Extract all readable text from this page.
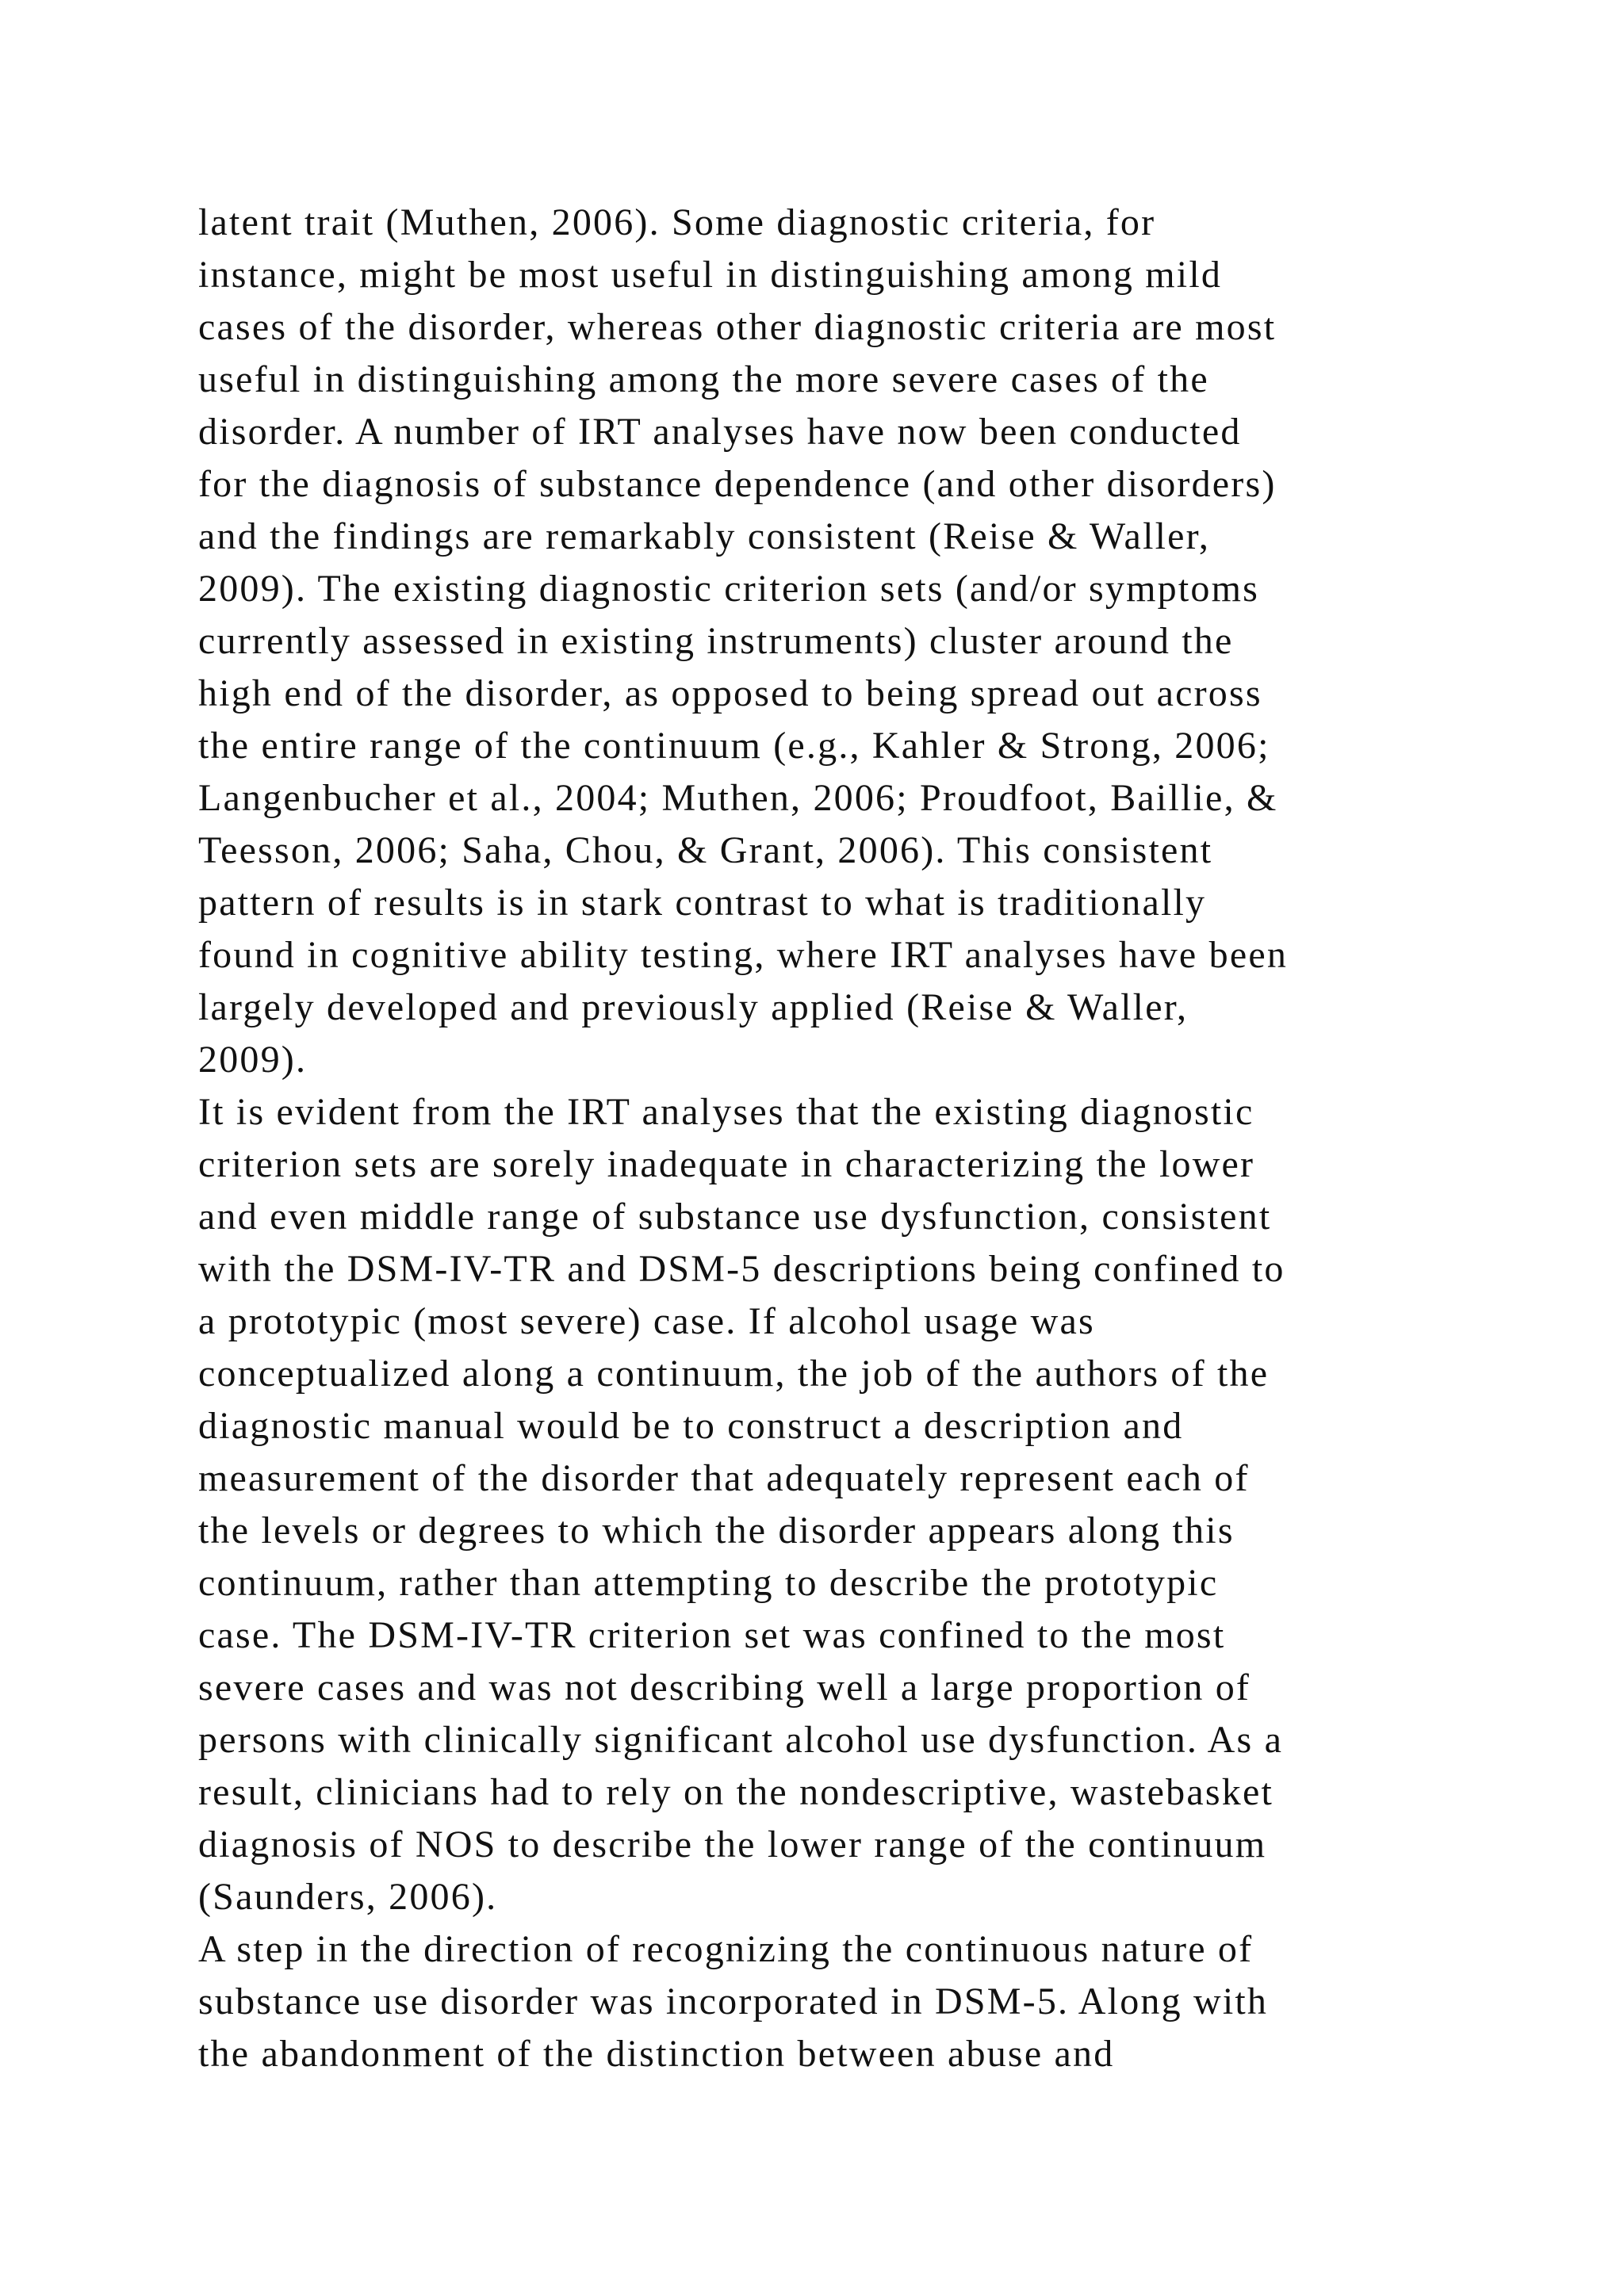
latent trait (Muthen, 2006). Some diagnostic criteria, for
instance, might be most useful in distinguishing among mild
cases of the disorder, whereas other diagnostic criteria are most
useful in distinguishing among the more severe cases of the
disorder. A number of IRT analyses have now been conducted
for the diagnosis of substance dependence (and other disorders)
and the findings are remarkably consistent (Reise & Waller,
2009). The existing diagnostic criterion sets (and/or symptoms
currently assessed in existing instruments) cluster around the
high end of the disorder, as opposed to being spread out across
the entire range of the continuum (e.g., Kahler & Strong, 2006;
Langenbucher et al., 2004; Muthen, 2006; Proudfoot, Baillie, &
Teesson, 2006; Saha, Chou, & Grant, 2006). This consistent
pattern of results is in stark contrast to what is traditionally
found in cognitive ability testing, where IRT analyses have been
largely developed and previously applied (Reise & Waller,
2009).
It is evident from the IRT analyses that the existing diagnostic
criterion sets are sorely inadequate in characterizing the lower
and even middle range of substance use dysfunction, consistent
with the DSM-IV-TR and DSM-5 descriptions being confined to
a prototypic (most severe) case. If alcohol usage was
conceptualized along a continuum, the job of the authors of the
diagnostic manual would be to construct a description and
measurement of the disorder that adequately represent each of
the levels or degrees to which the disorder appears along this
continuum, rather than attempting to describe the prototypic
case. The DSM-IV-TR criterion set was confined to the most
severe cases and was not describing well a large proportion of
persons with clinically significant alcohol use dysfunction. As a
result, clinicians had to rely on the nondescriptive, wastebasket
diagnosis of NOS to describe the lower range of the continuum
(Saunders, 2006).
A step in the direction of recognizing the continuous nature of
substance use disorder was incorporated in DSM-5. Along with
the abandonment of the distinction between abuse and
